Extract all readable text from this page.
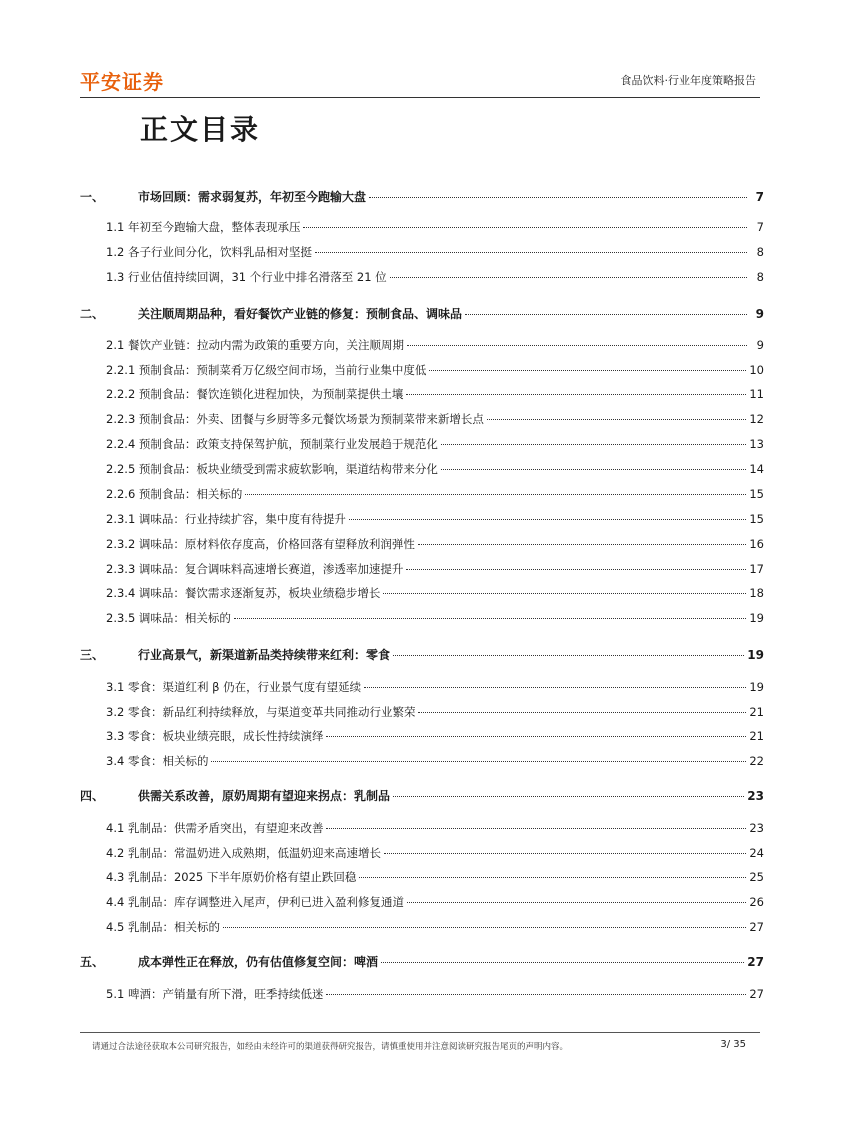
平安证券	食品饮料·行业年度策略报告
正文目录
一、	市场回顾：需求弱复苏，年初至今跑输大盘	7
1.1 年初至今跑输大盘，整体表现承压	7
1.2 各子行业间分化，饮料乳品相对坚挺	8
1.3 行业估值持续回调，31 个行业中排名滑落至 21 位	8
二、	关注顺周期品种，看好餐饮产业链的修复：预制食品、调味品	9
2.1 餐饮产业链：拉动内需为政策的重要方向，关注顺周期	9
2.2.1 预制食品：预制菜肴万亿级空间市场，当前行业集中度低	10
2.2.2 预制食品：餐饮连锁化进程加快，为预制菜提供土壤	11
2.2.3 预制食品：外卖、团餐与乡厨等多元餐饮场景为预制菜带来新增长点	12
2.2.4 预制食品：政策支持保驾护航，预制菜行业发展趋于规范化	13
2.2.5 预制食品：板块业绩受到需求疲软影响，渠道结构带来分化	14
2.2.6 预制食品：相关标的	15
2.3.1 调味品：行业持续扩容，集中度有待提升	15
2.3.2 调味品：原材料依存度高，价格回落有望释放利润弹性	16
2.3.3 调味品：复合调味料高速增长赛道，渗透率加速提升	17
2.3.4 调味品：餐饮需求逐渐复苏，板块业绩稳步增长	18
2.3.5 调味品：相关标的	19
三、	行业高景气，新渠道新品类持续带来红利：零食	19
3.1 零食：渠道红利 β 仍在，行业景气度有望延续	19
3.2 零食：新品红利持续释放，与渠道变革共同推动行业繁荣	21
3.3 零食：板块业绩亮眼，成长性持续演绎	21
3.4 零食：相关标的	22
四、	供需关系改善，原奶周期有望迎来拐点：乳制品	23
4.1 乳制品：供需矛盾突出，有望迎来改善	23
4.2 乳制品：常温奶进入成熟期，低温奶迎来高速增长	24
4.3 乳制品：2025 下半年原奶价格有望止跌回稳	25
4.4 乳制品：库存调整进入尾声，伊利已进入盈利修复通道	26
4.5 乳制品：相关标的	27
五、	成本弹性正在释放，仍有估值修复空间：啤酒	27
5.1 啤酒：产销量有所下滑，旺季持续低迷	27
请通过合法途径获取本公司研究报告，如经由未经许可的渠道获得研究报告，请慎重使用并注意阅读研究报告尾页的声明内容。	3/ 35
